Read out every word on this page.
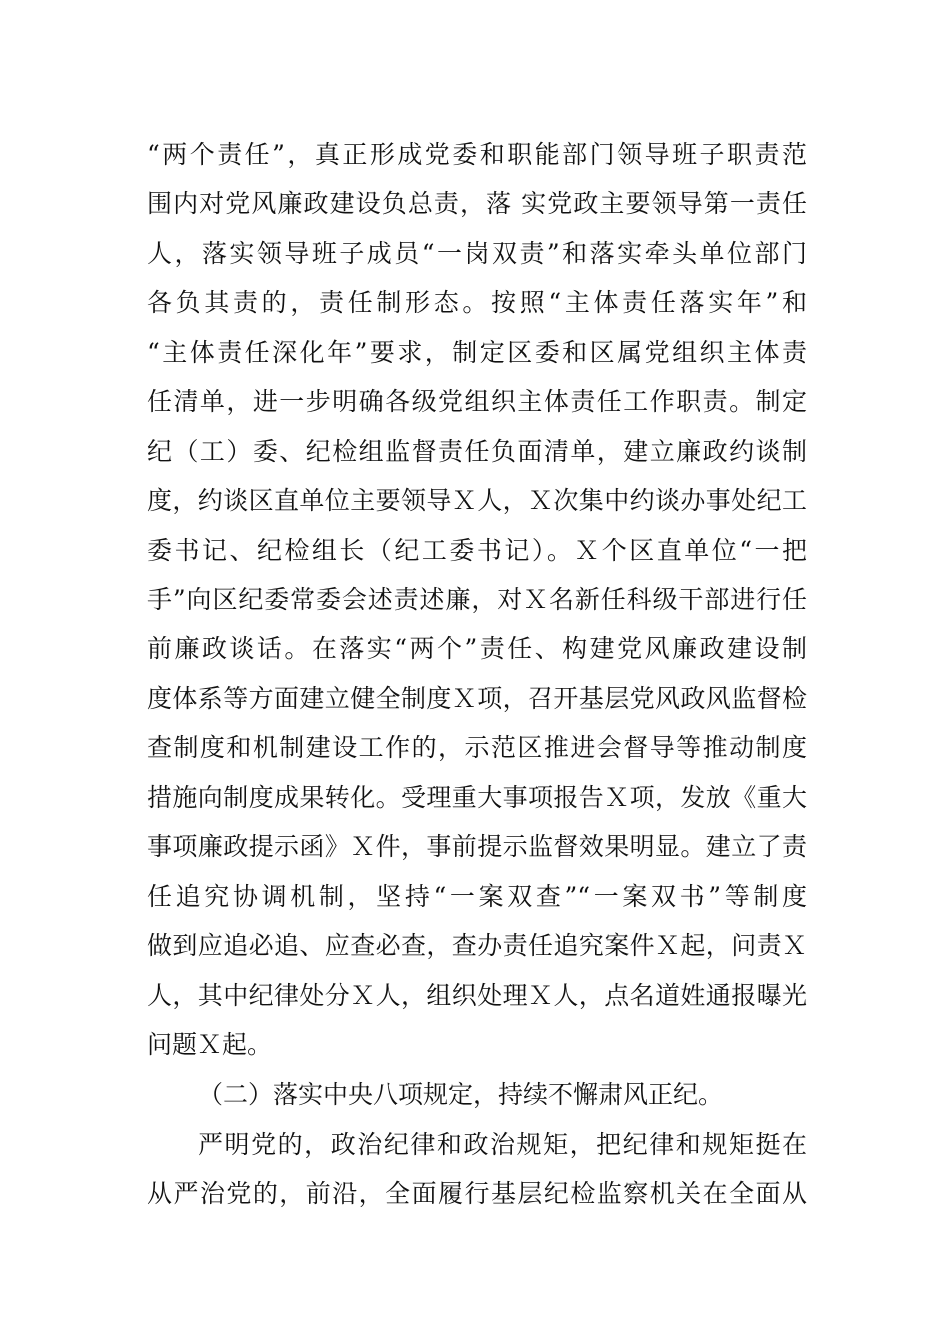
“两个责任”，真正形成党委和职能部门领导班子职责范
围内对党风廉政建设负总责，落 实党政主要领导第一责任
人，落实领导班子成员“一岗双责”和落实牵头单位部门
各负其责的，责任制形态。按照“主体责任落实年”和
“主体责任深化年”要求，制定区委和区属党组织主体责
任清单，进一步明确各级党组织主体责任工作职责。制定
纪（工）委、纪检组监督责任负面清单，建立廉政约谈制
度，约谈区直单位主要领导Ｘ人，Ｘ次集中约谈办事处纪工
委书记、纪检组长（纪工委书记）。Ｘ个区直单位“一把
手”向区纪委常委会述责述廉，对Ｘ名新任科级干部进行任
前廉政谈话。在落实“两个”责任、构建党风廉政建设制
度体系等方面建立健全制度Ｘ项，召开基层党风政风监督检
查制度和机制建设工作的，示范区推进会督导等推动制度
措施向制度成果转化。受理重大事项报告Ｘ项，发放《重大
事项廉政提示函》Ｘ件，事前提示监督效果明显。建立了责
任追究协调机制，坚持“一案双查”“一案双书”等制度
做到应追必追、应查必查，查办责任追究案件Ｘ起，问责Ｘ
人，其中纪律处分Ｘ人，组织处理Ｘ人，点名道姓通报曝光
问题Ｘ起。
（二）落实中央八项规定，持续不懈肃风正纪。
严明党的，政治纪律和政治规矩，把纪律和规矩挺在
从严治党的，前沿，全面履行基层纪检监察机关在全面从
